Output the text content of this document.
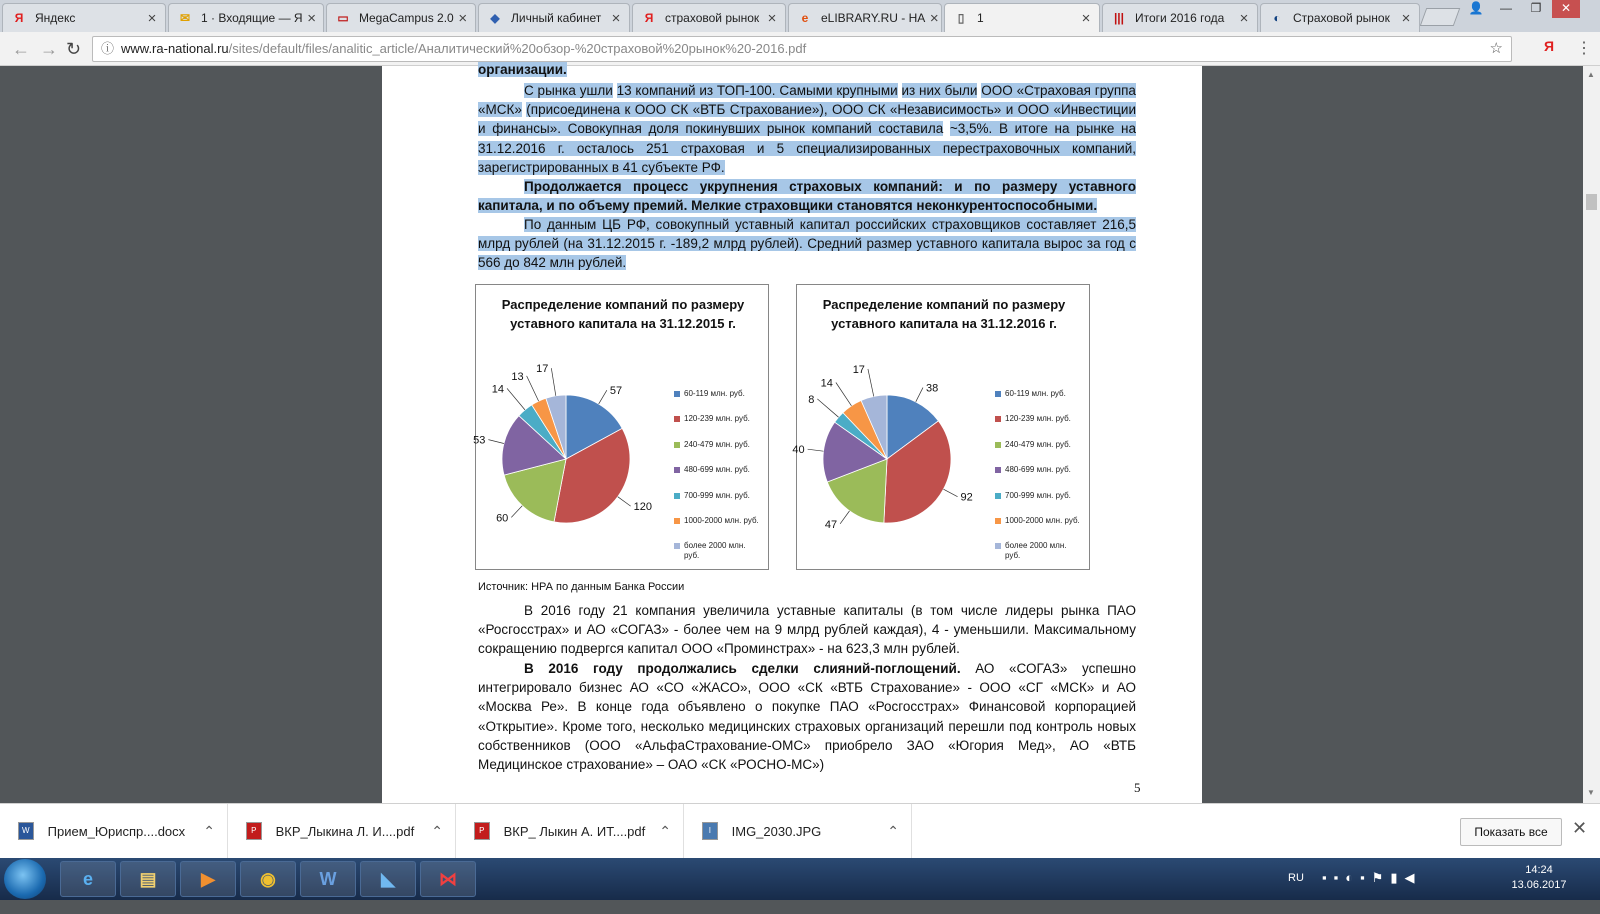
Я Яндекс	×	✉ 1 · Входящие — Я ×	▭ MegaCampus 2.0 ×	◆ Личный кабинет ×	Я страховой рынок ×	e	eLIBRARY.RU - НА ×	▯	1	×	||| Итоги 2016 года	×	◐	Страховой рынок ×
👤	—	❐	✕
← → ↻ ⓘ www.ra-national.ru/sites/default/files/analitic_article/Аналитический%20обзор-%20страховой%20рынок%20-2016.pdf	☆	Я ⋮
организации.
С рынка ушли 13 компаний из ТОП-100. Самыми крупными из них были ООО «Страховая группа «МСК» (присоединена к ООО СК «ВТБ Страхование»), ООО СК «Независимость» и ООО «Инвестиции и финансы». Совокупная доля покинувших рынок компаний составила ~3,5%. В итоге на рынке на 31.12.2016 г. осталось 251 страховая и 5 специализированных перестраховочных компаний, зарегистрированных в 41 субъекте РФ.
Продолжается процесс укрупнения страховых компаний: и по размеру уставного капитала, и по объему премий. Мелкие страховщики становятся неконкурентоспособными.
По данным ЦБ РФ, совокупный уставный капитал российских страховщиков составляет 216,5 млрд рублей (на 31.12.2015 г. -189,2 млрд рублей). Средний размер уставного капитала вырос за год с 566 до 842 млн рублей.
Распределение компаний по размеру уставного капитала на 31.12.2015 г.
57
120
60
53
14
13
17
60-119 млн. руб.
120-239 млн. руб.
240-479 млн. руб.
480-699 млн. руб.
700-999 млн. руб.
1000-2000 млн. руб.
более 2000 млн. руб.
Распределение компаний по размеру уставного капитала на 31.12.2016 г.
38
92
47
40
8
14
17
60-119 млн. руб.
120-239 млн. руб.
240-479 млн. руб.
480-699 млн. руб.
700-999 млн. руб.
1000-2000 млн. руб.
более 2000 млн. руб.
Источник: НРА по данным Банка России
В 2016 году 21 компания увеличила уставные капиталы (в том числе лидеры рынка ПАО «Росгосстрах» и АО «СОГАЗ» - более чем на 9 млрд рублей каждая), 4 - уменьшили. Максимальному сокращению подвергся капитал ООО «Проминстрах» - на 623,3 млн рублей.
В 2016 году продолжались сделки слияний-поглощений. АО «СОГАЗ» успешно интегрировало бизнес АО «СО «ЖАСО», ООО «СК «ВТБ Страхование» - ООО «СГ «МСК» и АО «Москва Ре». В конце года объявлено о покупке ПАО «Росгосстрах» Финансовой корпорацией «Открытие». Кроме того, несколько медицинских страховых организаций перешли под контроль новых собственников (ООО «АльфаСтрахование-ОМС» приобрело ЗАО «Югория Мед», АО «ВТБ Медицинское страхование» – ОАО «СК «РОСНО-МС»)
5
▲
▼
Показать все	✕
W	Прием_Юриспр....docx	⌃	P	ВКР_Лыкина Л. И....pdf	⌃	P	ВКР_ Лыкин А. ИТ....pdf	⌃	I	IMG_2030.JPG	⌃
e	▤ ▶	◉ W ◣ ⋈	RU ▪▪◐▪⚑▮◀	14:24
13.06.2017
